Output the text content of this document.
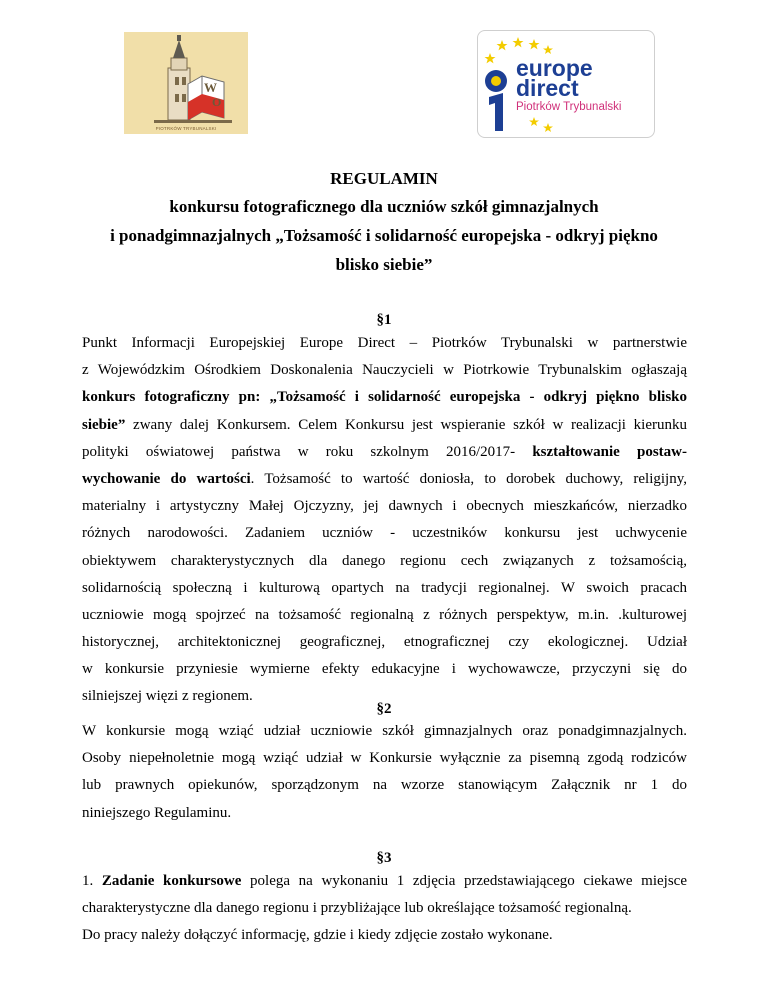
W
O
PIOTRKÓW TRYBUNALSKI
europe
direct
Piotrków Trybunalski
REGULAMIN
konkursu fotograficznego dla uczniów szkół gimnazjalnych
i ponadgimnazjalnych „Tożsamość i solidarność europejska - odkryj piękno
blisko siebie”
§1
Punkt Informacji Europejskiej Europe Direct – Piotrków Trybunalski w partnerstwie
z Wojewódzkim Ośrodkiem Doskonalenia Nauczycieli w Piotrkowie Trybunalskim ogłaszają
konkurs fotograficzny pn: „Tożsamość i solidarność europejska - odkryj piękno blisko
siebie” zwany dalej Konkursem. Celem Konkursu jest wspieranie szkół w realizacji kierunku
polityki oświatowej państwa w roku szkolnym 2016/2017- kształtowanie postaw-
wychowanie do wartości. Tożsamość to wartość doniosła, to dorobek duchowy, religijny,
materialny i artystyczny Małej Ojczyzny, jej dawnych i obecnych mieszkańców, nierzadko
różnych narodowości. Zadaniem uczniów - uczestników konkursu jest uchwycenie
obiektywem charakterystycznych dla danego regionu cech związanych z tożsamością,
solidarnością społeczną i kulturową opartych na tradycji regionalnej. W swoich pracach
uczniowie mogą spojrzeć na tożsamość regionalną z różnych perspektyw, m.in. .kulturowej
historycznej, architektonicznej geograficznej, etnograficznej czy ekologicznej. Udział
w konkursie przyniesie wymierne efekty edukacyjne i wychowawcze, przyczyni się do
silniejszej więzi z regionem.
§2
W konkursie mogą wziąć udział uczniowie szkół gimnazjalnych oraz ponadgimnazjalnych.
Osoby niepełnoletnie mogą wziąć udział w Konkursie wyłącznie za pisemną zgodą rodziców
lub prawnych opiekunów, sporządzonym na wzorze stanowiącym Załącznik nr 1 do
niniejszego Regulaminu.
§3
1. Zadanie konkursowe polega na wykonaniu 1 zdjęcia przedstawiającego ciekawe miejsce
charakterystyczne dla danego regionu i przybliżające lub określające tożsamość regionalną.
Do pracy należy dołączyć informację, gdzie i kiedy zdjęcie zostało wykonane.
